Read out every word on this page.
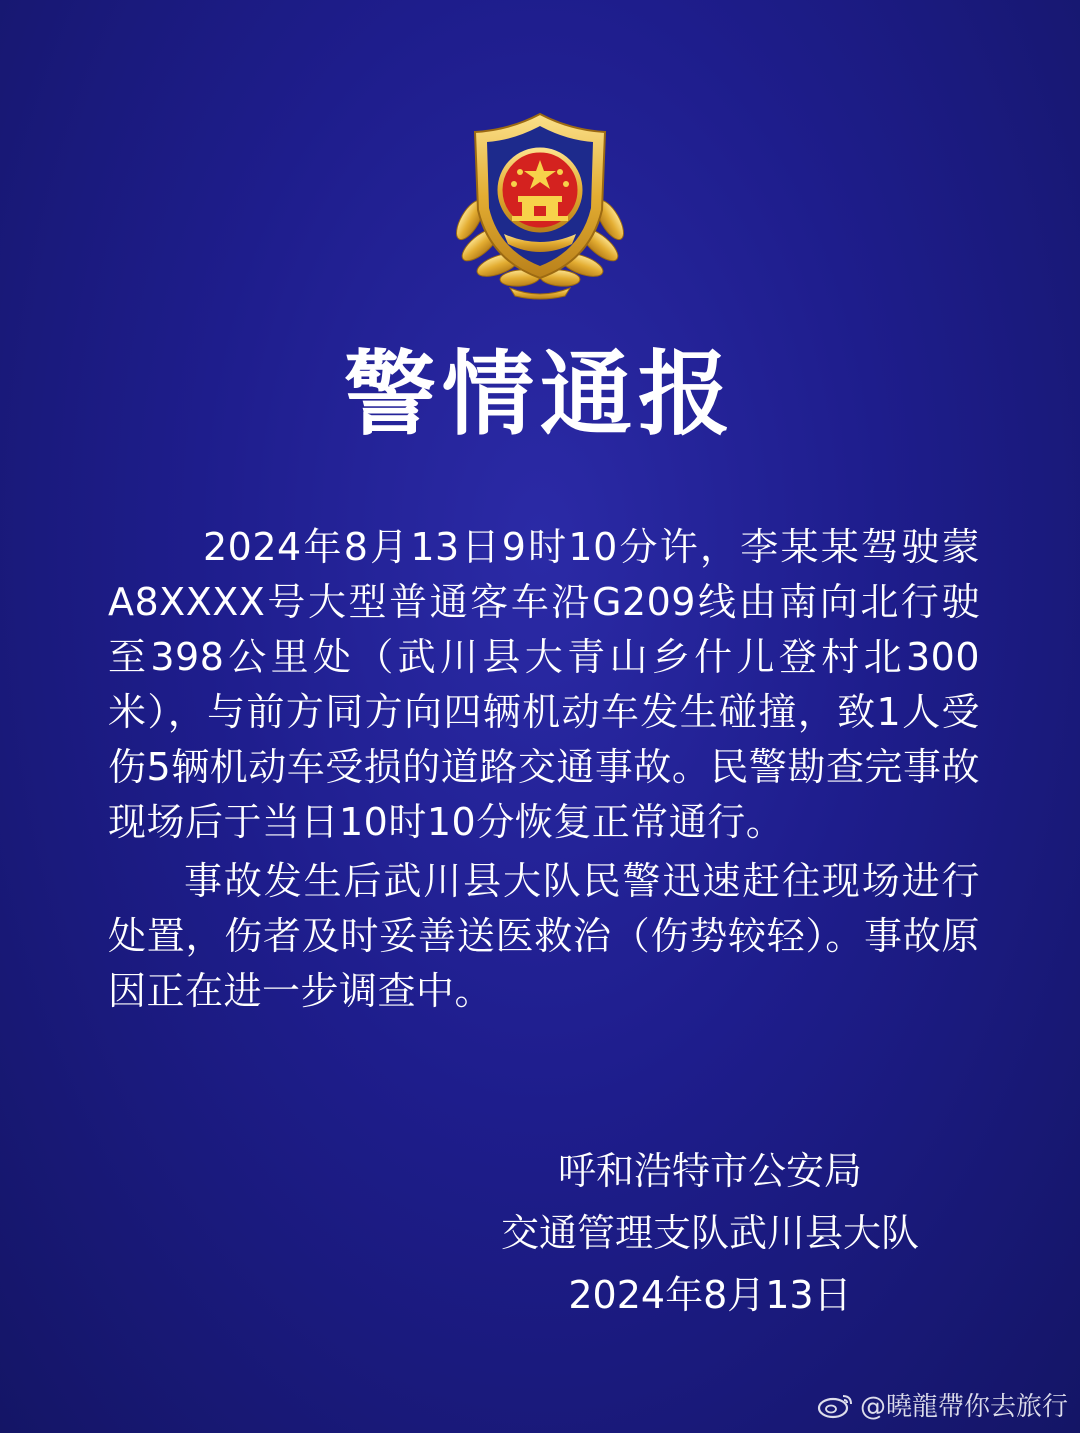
警情通报

2024年8月13日9时10分许，李某某驾驶蒙A8XXXX号大型普通客车沿G209线由南向北行驶至398公里处（武川县大青山乡什儿登村北300米），与前方同方向四辆机动车发生碰撞，致1人受伤5辆机动车受损的道路交通事故。民警勘查完事故现场后于当日10时10分恢复正常通行。

事故发生后武川县大队民警迅速赶往现场进行处置，伤者及时妥善送医救治（伤势较轻）。事故原因正在进一步调查中。

呼和浩特市公安局
交通管理支队武川县大队
2024年8月13日
@曉龍帶你去旅行
